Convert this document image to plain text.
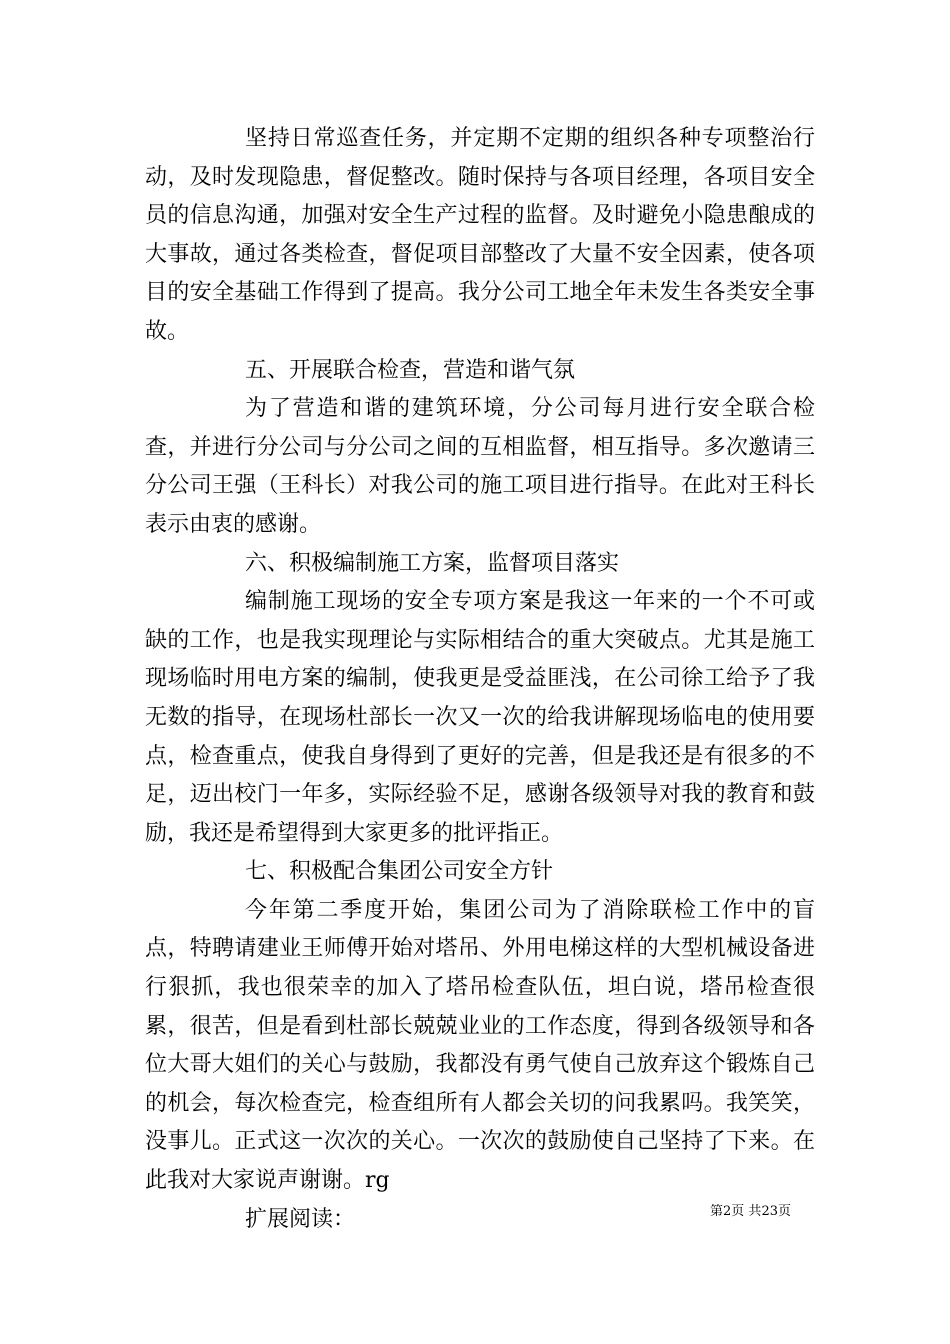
坚持日常巡查任务，并定期不定期的组织各种专项整治行动，及时发现隐患，督促整改。随时保持与各项目经理，各项目安全员的信息沟通，加强对安全生产过程的监督。及时避免小隐患酿成的大事故，通过各类检查，督促项目部整改了大量不安全因素，使各项目的安全基础工作得到了提高。我分公司工地全年未发生各类安全事故。

五、开展联合检查，营造和谐气氛

为了营造和谐的建筑环境，分公司每月进行安全联合检查，并进行分公司与分公司之间的互相监督，相互指导。多次邀请三分公司王强（王科长）对我公司的施工项目进行指导。在此对王科长表示由衷的感谢。

六、积极编制施工方案，监督项目落实

编制施工现场的安全专项方案是我这一年来的一个不可或缺的工作，也是我实现理论与实际相结合的重大突破点。尤其是施工现场临时用电方案的编制，使我更是受益匪浅，在公司徐工给予了我无数的指导，在现场杜部长一次又一次的给我讲解现场临电的使用要点，检查重点，使我自身得到了更好的完善，但是我还是有很多的不足，迈出校门一年多，实际经验不足，感谢各级领导对我的教育和鼓励，我还是希望得到大家更多的批评指正。

七、积极配合集团公司安全方针

今年第二季度开始，集团公司为了消除联检工作中的盲点，特聘请建业王师傅开始对塔吊、外用电梯这样的大型机械设备进行狠抓，我也很荣幸的加入了塔吊检查队伍，坦白说，塔吊检查很累，很苦，但是看到杜部长兢兢业业的工作态度，得到各级领导和各位大哥大姐们的关心与鼓励，我都没有勇气使自己放弃这个锻炼自己的机会，每次检查完，检查组所有人都会关切的问我累吗。我笑笑，没事儿。正式这一次次的关心。一次次的鼓励使自己坚持了下来。在此我对大家说声谢谢。rg

扩展阅读：	第2页 共23页
